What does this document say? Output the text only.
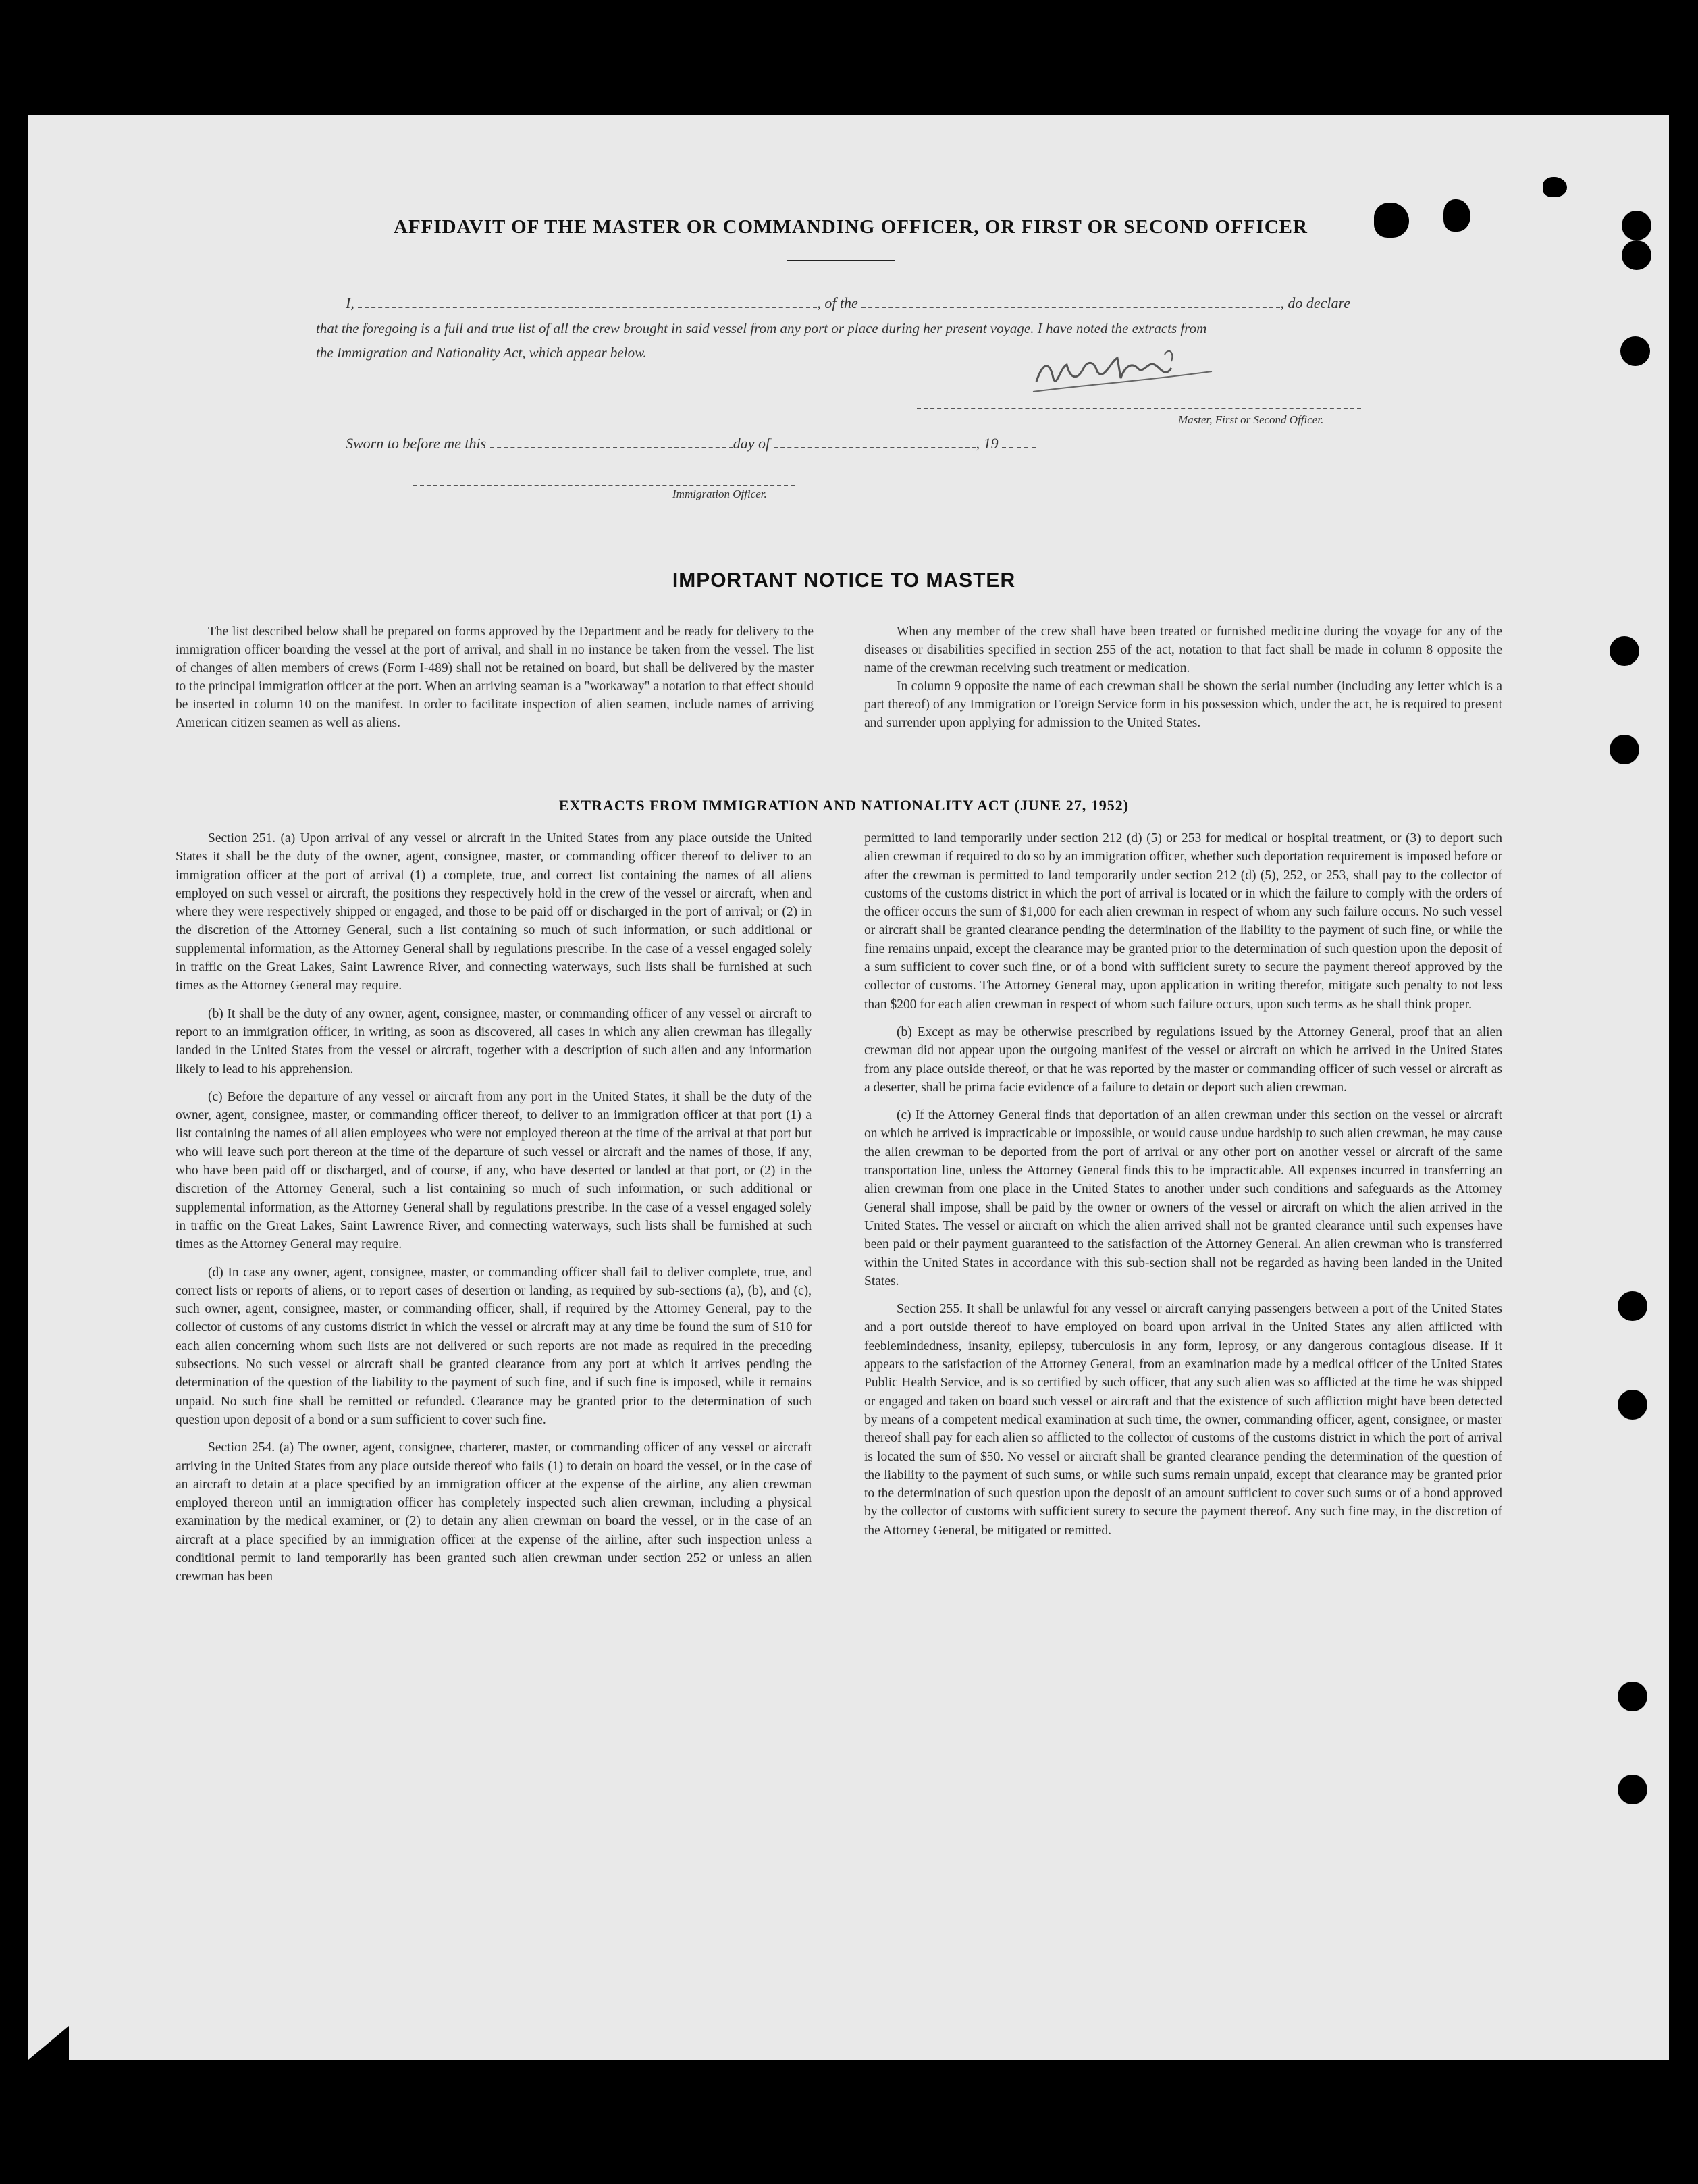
AFFIDAVIT OF THE MASTER OR COMMANDING OFFICER, OR FIRST OR SECOND OFFICER
I,	, of the	, do declare
that the foregoing is a full and true list of all the crew brought in said vessel from any port or place during her present voyage. I have noted the extracts from
the Immigration and Nationality Act, which appear below.
Master, First or Second Officer.
Sworn to before me this	day of	, 19
Immigration Officer.
IMPORTANT NOTICE TO MASTER

The list described below shall be prepared on forms approved by the Department and be ready for delivery to the immigration officer boarding the vessel at the port of arrival, and shall in no instance be taken from the vessel. The list of changes of alien members of crews (Form I-489) shall not be retained on board, but shall be delivered by the master to the principal immigration officer at the port. When an arriving seaman is a "workaway" a notation to that effect should be inserted in column 10 on the manifest. In order to facilitate inspection of alien seamen, include names of arriving American citizen seamen as well as aliens.

When any member of the crew shall have been treated or furnished medicine during the voyage for any of the diseases or disabilities specified in section 255 of the act, notation to that fact shall be made in column 8 opposite the name of the crewman receiving such treatment or medication.

In column 9 opposite the name of each crewman shall be shown the serial number (including any letter which is a part thereof) of any Immigration or Foreign Service form in his possession which, under the act, he is required to present and surrender upon applying for admission to the United States.

EXTRACTS FROM IMMIGRATION AND NATIONALITY ACT (JUNE 27, 1952)

Section 251. (a) Upon arrival of any vessel or aircraft in the United States from any place outside the United States it shall be the duty of the owner, agent, consignee, master, or commanding officer thereof to deliver to an immigration officer at the port of arrival (1) a complete, true, and correct list containing the names of all aliens employed on such vessel or aircraft, the positions they respectively hold in the crew of the vessel or aircraft, when and where they were respectively shipped or engaged, and those to be paid off or discharged in the port of arrival; or (2) in the discretion of the Attorney General, such a list containing so much of such information, or such additional or supplemental information, as the Attorney General shall by regulations prescribe. In the case of a vessel engaged solely in traffic on the Great Lakes, Saint Lawrence River, and connecting waterways, such lists shall be furnished at such times as the Attorney General may require.

(b) It shall be the duty of any owner, agent, consignee, master, or commanding officer of any vessel or aircraft to report to an immigration officer, in writing, as soon as discovered, all cases in which any alien crewman has illegally landed in the United States from the vessel or aircraft, together with a description of such alien and any information likely to lead to his apprehension.

(c) Before the departure of any vessel or aircraft from any port in the United States, it shall be the duty of the owner, agent, consignee, master, or commanding officer thereof, to deliver to an immigration officer at that port (1) a list containing the names of all alien employees who were not employed thereon at the time of the arrival at that port but who will leave such port thereon at the time of the departure of such vessel or aircraft and the names of those, if any, who have been paid off or discharged, and of course, if any, who have deserted or landed at that port, or (2) in the discretion of the Attorney General, such a list containing so much of such information, or such additional or supplemental information, as the Attorney General shall by regulations prescribe. In the case of a vessel engaged solely in traffic on the Great Lakes, Saint Lawrence River, and connecting waterways, such lists shall be furnished at such times as the Attorney General may require.

(d) In case any owner, agent, consignee, master, or commanding officer shall fail to deliver complete, true, and correct lists or reports of aliens, or to report cases of desertion or landing, as required by sub-sections (a), (b), and (c), such owner, agent, consignee, master, or commanding officer, shall, if required by the Attorney General, pay to the collector of customs of any customs district in which the vessel or aircraft may at any time be found the sum of $10 for each alien concerning whom such lists are not delivered or such reports are not made as required in the preceding subsections. No such vessel or aircraft shall be granted clearance from any port at which it arrives pending the determination of the question of the liability to the payment of such fine, and if such fine is imposed, while it remains unpaid. No such fine shall be remitted or refunded. Clearance may be granted prior to the determination of such question upon deposit of a bond or a sum sufficient to cover such fine.

Section 254. (a) The owner, agent, consignee, charterer, master, or commanding officer of any vessel or aircraft arriving in the United States from any place outside thereof who fails (1) to detain on board the vessel, or in the case of an aircraft to detain at a place specified by an immigration officer at the expense of the airline, any alien crewman employed thereon until an immigration officer has completely inspected such alien crewman, including a physical examination by the medical examiner, or (2) to detain any alien crewman on board the vessel, or in the case of an aircraft at a place specified by an immigration officer at the expense of the airline, after such inspection unless a conditional permit to land temporarily has been granted such alien crewman under section 252 or unless an alien crewman has been

permitted to land temporarily under section 212 (d) (5) or 253 for medical or hospital treatment, or (3) to deport such alien crewman if required to do so by an immigration officer, whether such deportation requirement is imposed before or after the crewman is permitted to land temporarily under section 212 (d) (5), 252, or 253, shall pay to the collector of customs of the customs district in which the port of arrival is located or in which the failure to comply with the orders of the officer occurs the sum of $1,000 for each alien crewman in respect of whom any such failure occurs. No such vessel or aircraft shall be granted clearance pending the determination of the liability to the payment of such fine, or while the fine remains unpaid, except the clearance may be granted prior to the determination of such question upon the deposit of a sum sufficient to cover such fine, or of a bond with sufficient surety to secure the payment thereof approved by the collector of customs. The Attorney General may, upon application in writing therefor, mitigate such penalty to not less than $200 for each alien crewman in respect of whom such failure occurs, upon such terms as he shall think proper.

(b) Except as may be otherwise prescribed by regulations issued by the Attorney General, proof that an alien crewman did not appear upon the outgoing manifest of the vessel or aircraft on which he arrived in the United States from any place outside thereof, or that he was reported by the master or commanding officer of such vessel or aircraft as a deserter, shall be prima facie evidence of a failure to detain or deport such alien crewman.

(c) If the Attorney General finds that deportation of an alien crewman under this section on the vessel or aircraft on which he arrived is impracticable or impossible, or would cause undue hardship to such alien crewman, he may cause the alien crewman to be deported from the port of arrival or any other port on another vessel or aircraft of the same transportation line, unless the Attorney General finds this to be impracticable. All expenses incurred in transferring an alien crewman from one place in the United States to another under such conditions and safeguards as the Attorney General shall impose, shall be paid by the owner or owners of the vessel or aircraft on which the alien arrived in the United States. The vessel or aircraft on which the alien arrived shall not be granted clearance until such expenses have been paid or their payment guaranteed to the satisfaction of the Attorney General. An alien crewman who is transferred within the United States in accordance with this sub-section shall not be regarded as having been landed in the United States.

Section 255. It shall be unlawful for any vessel or aircraft carrying passengers between a port of the United States and a port outside thereof to have employed on board upon arrival in the United States any alien afflicted with feeblemindedness, insanity, epilepsy, tuberculosis in any form, leprosy, or any dangerous contagious disease. If it appears to the satisfaction of the Attorney General, from an examination made by a medical officer of the United States Public Health Service, and is so certified by such officer, that any such alien was so afflicted at the time he was shipped or engaged and taken on board such vessel or aircraft and that the existence of such affliction might have been detected by means of a competent medical examination at such time, the owner, commanding officer, agent, consignee, or master thereof shall pay for each alien so afflicted to the collector of customs of the customs district in which the port of arrival is located the sum of $50. No vessel or aircraft shall be granted clearance pending the determination of the question of the liability to the payment of such sums, or while such sums remain unpaid, except that clearance may be granted prior to the determination of such question upon the deposit of an amount sufficient to cover such sums or of a bond approved by the collector of customs with sufficient surety to secure the payment thereof. Any such fine may, in the discretion of the Attorney General, be mitigated or remitted.
